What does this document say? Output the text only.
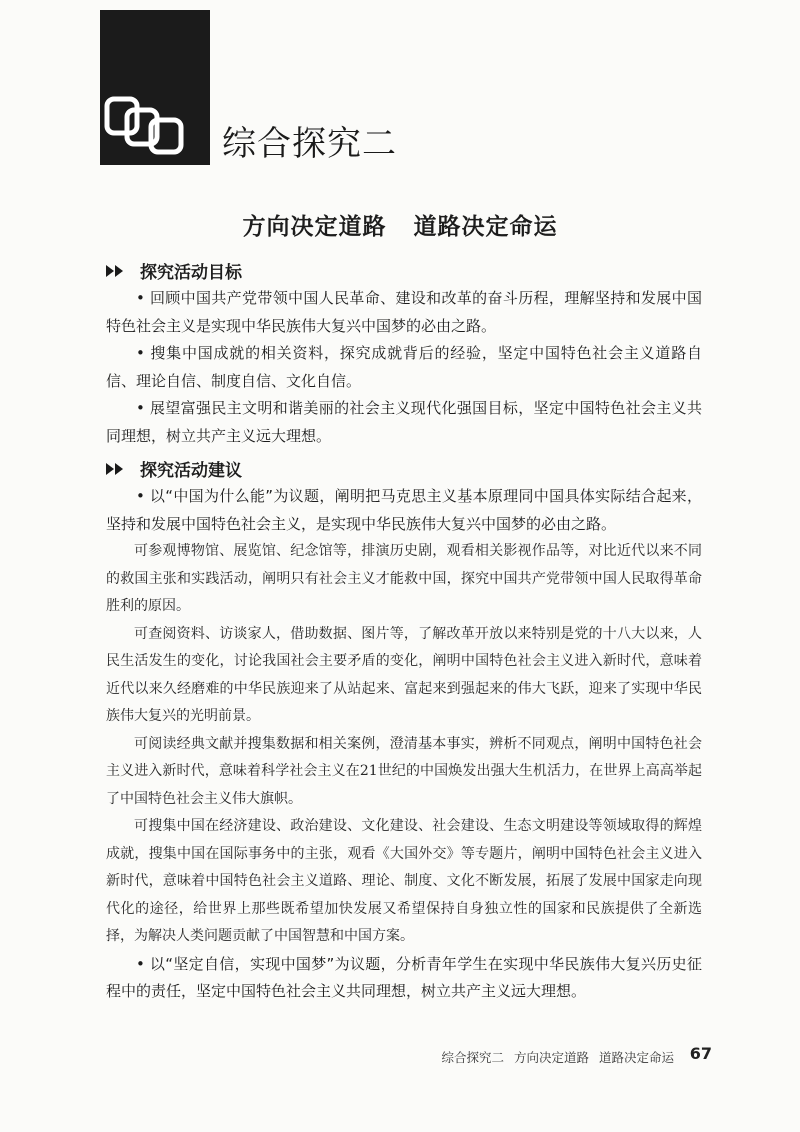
综合探究二
方向决定道路 道路决定命运
探究活动目标

• 回顾中国共产党带领中国人民革命、建设和改革的奋斗历程，理解坚持和发展中国特色社会主义是实现中华民族伟大复兴中国梦的必由之路。

• 搜集中国成就的相关资料，探究成就背后的经验，坚定中国特色社会主义道路自信、理论自信、制度自信、文化自信。

• 展望富强民主文明和谐美丽的社会主义现代化强国目标，坚定中国特色社会主义共同理想，树立共产主义远大理想。

探究活动建议

• 以“中国为什么能”为议题，阐明把马克思主义基本原理同中国具体实际结合起来，坚持和发展中国特色社会主义，是实现中华民族伟大复兴中国梦的必由之路。

可参观博物馆、展览馆、纪念馆等，排演历史剧，观看相关影视作品等，对比近代以来不同的救国主张和实践活动，阐明只有社会主义才能救中国，探究中国共产党带领中国人民取得革命胜利的原因。

可查阅资料、访谈家人，借助数据、图片等，了解改革开放以来特别是党的十八大以来，人民生活发生的变化，讨论我国社会主要矛盾的变化，阐明中国特色社会主义进入新时代，意味着近代以来久经磨难的中华民族迎来了从站起来、富起来到强起来的伟大飞跃，迎来了实现中华民族伟大复兴的光明前景。

可阅读经典文献并搜集数据和相关案例，澄清基本事实，辨析不同观点，阐明中国特色社会主义进入新时代，意味着科学社会主义在21世纪的中国焕发出强大生机活力，在世界上高高举起了中国特色社会主义伟大旗帜。

可搜集中国在经济建设、政治建设、文化建设、社会建设、生态文明建设等领域取得的辉煌成就，搜集中国在国际事务中的主张，观看《大国外交》等专题片，阐明中国特色社会主义进入新时代，意味着中国特色社会主义道路、理论、制度、文化不断发展，拓展了发展中国家走向现代化的途径，给世界上那些既希望加快发展又希望保持自身独立性的国家和民族提供了全新选择，为解决人类问题贡献了中国智慧和中国方案。

• 以“坚定自信，实现中国梦”为议题，分析青年学生在实现中华民族伟大复兴历史征程中的责任，坚定中国特色社会主义共同理想，树立共产主义远大理想。

综合探究二 方向决定道路 道路决定命运 67
